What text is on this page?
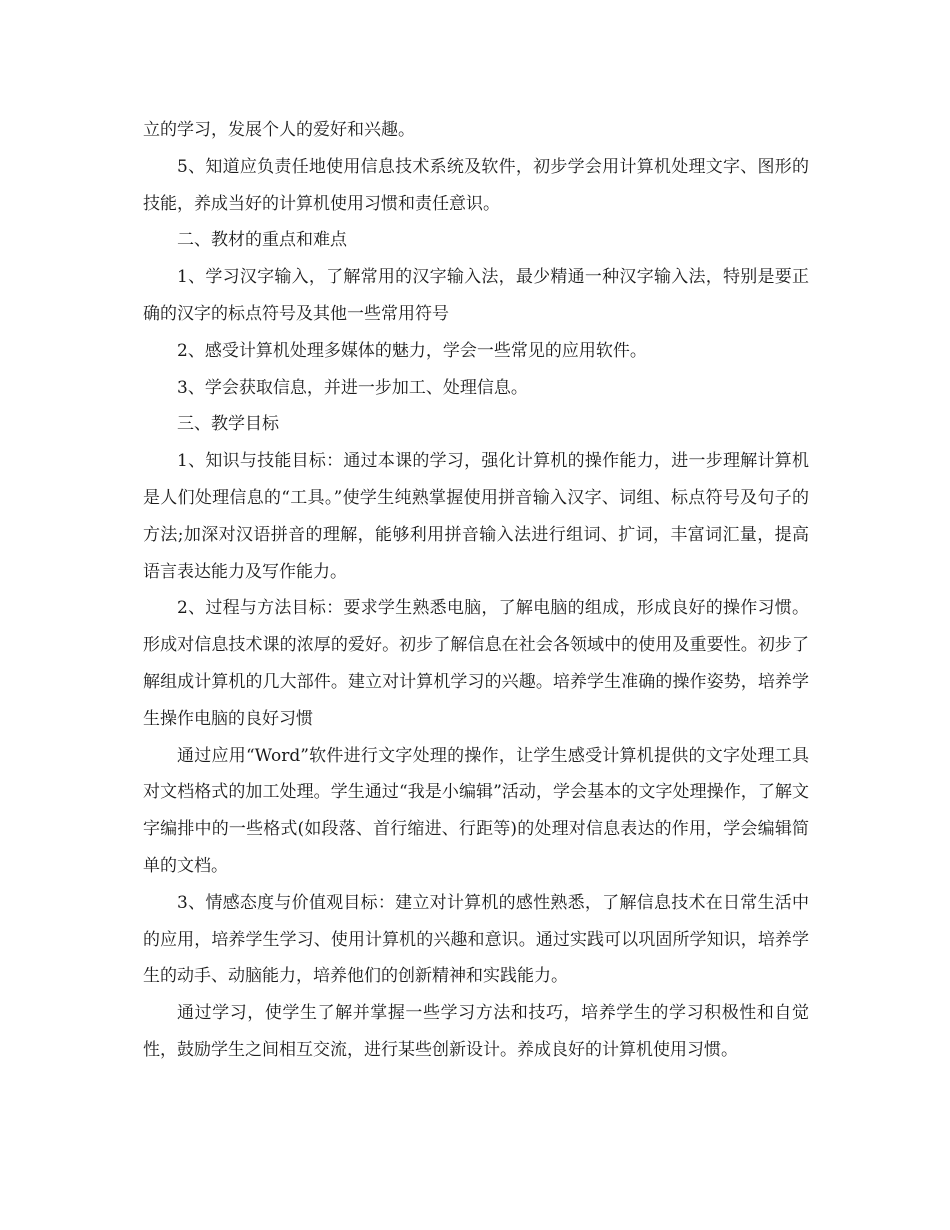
立的学习，发展个人的爱好和兴趣。

5、知道应负责任地使用信息技术系统及软件，初步学会用计算机处理文字、图形的技能，养成当好的计算机使用习惯和责任意识。

二、教材的重点和难点

1、学习汉字输入，了解常用的汉字输入法，最少精通一种汉字输入法，特别是要正确的汉字的标点符号及其他一些常用符号

2、感受计算机处理多媒体的魅力，学会一些常见的应用软件。

3、学会获取信息，并进一步加工、处理信息。

三、教学目标

1、知识与技能目标：通过本课的学习，强化计算机的操作能力，进一步理解计算机是人们处理信息的“工具。”使学生纯熟掌握使用拼音输入汉字、词组、标点符号及句子的方法;加深对汉语拼音的理解，能够利用拼音输入法进行组词、扩词，丰富词汇量，提高语言表达能力及写作能力。

2、过程与方法目标：要求学生熟悉电脑，了解电脑的组成，形成良好的操作习惯。形成对信息技术课的浓厚的爱好。初步了解信息在社会各领域中的使用及重要性。初步了解组成计算机的几大部件。建立对计算机学习的兴趣。培养学生准确的操作姿势，培养学生操作电脑的良好习惯

通过应用“Word”软件进行文字处理的操作，让学生感受计算机提供的文字处理工具对文档格式的加工处理。学生通过“我是小编辑”活动，学会基本的文字处理操作，了解文字编排中的一些格式(如段落、首行缩进、行距等)的处理对信息表达的作用，学会编辑简单的文档。

3、情感态度与价值观目标：建立对计算机的感性熟悉，了解信息技术在日常生活中的应用，培养学生学习、使用计算机的兴趣和意识。通过实践可以巩固所学知识，培养学生的动手、动脑能力，培养他们的创新精神和实践能力。

通过学习，使学生了解并掌握一些学习方法和技巧，培养学生的学习积极性和自觉性，鼓励学生之间相互交流，进行某些创新设计。养成良好的计算机使用习惯。
